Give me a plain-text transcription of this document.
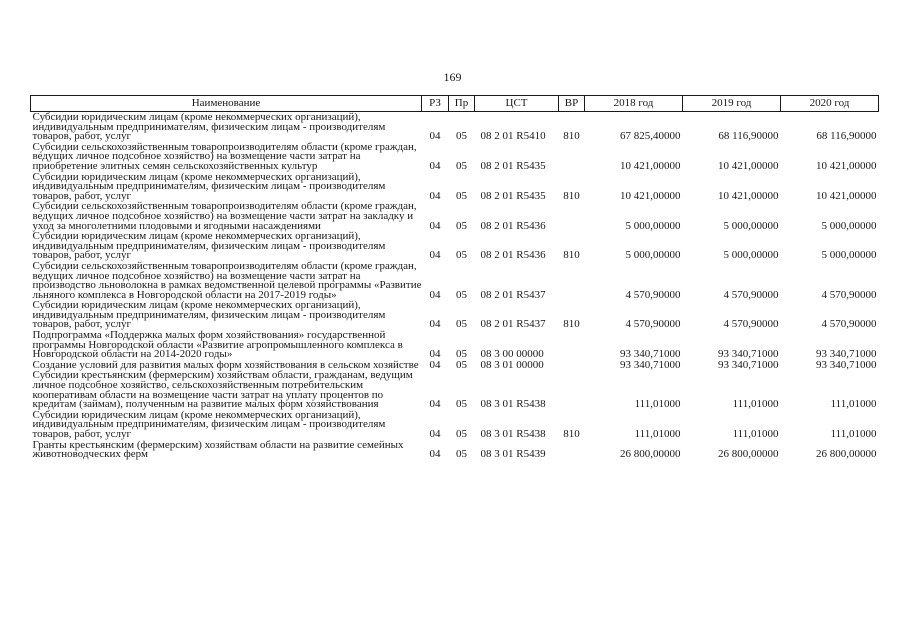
169
Наименование	РЗ	Пр	ЦСТ	ВР	2018 год	2019 год	2020 год
Субсидии юридическим лицам (кроме некоммерческих организаций), индивидуальным предпринимателям, физическим лицам - производителям товаров, работ, услуг	04	05	08 2 01 R5410	810	67 825,40000	68 116,90000	68 116,90000
Субсидии сельскохозяйственным товаропроизводителям области (кроме граждан, ведущих личное подсобное хозяйство) на возмещение части затрат на приобретение элитных семян сельскохозяйственных культур	04	05	08 2 01 R5435		10 421,00000	10 421,00000	10 421,00000
Субсидии юридическим лицам (кроме некоммерческих организаций), индивидуальным предпринимателям, физическим лицам - производителям товаров, работ, услуг	04	05	08 2 01 R5435	810	10 421,00000	10 421,00000	10 421,00000
Субсидии сельскохозяйственным товаропроизводителям области (кроме граждан, ведущих личное подсобное хозяйство) на возмещение части затрат на закладку и уход за многолетними плодовыми и ягодными насаждениями	04	05	08 2 01 R5436		5 000,00000	5 000,00000	5 000,00000
Субсидии юридическим лицам (кроме некоммерческих организаций), индивидуальным предпринимателям, физическим лицам - производителям товаров, работ, услуг	04	05	08 2 01 R5436	810	5 000,00000	5 000,00000	5 000,00000
Субсидии сельскохозяйственным товаропроизводителям области (кроме граждан, ведущих личное подсобное хозяйство) на возмещение части затрат на производство льноволокна в рамках ведомственной целевой программы «Развитие льняного комплекса в Новгородской области на 2017-2019 годы»	04	05	08 2 01 R5437		4 570,90000	4 570,90000	4 570,90000
Субсидии юридическим лицам (кроме некоммерческих организаций), индивидуальным предпринимателям, физическим лицам - производителям товаров, работ, услуг	04	05	08 2 01 R5437	810	4 570,90000	4 570,90000	4 570,90000
Подпрограмма «Поддержка малых форм хозяйствования» государственной программы Новгородской области «Развитие агропромышленного комплекса в Новгородской области на 2014-2020 годы»	04	05	08 3 00 00000		93 340,71000	93 340,71000	93 340,71000
Создание условий для развития малых форм хозяйствования в сельском хозяйстве	04	05	08 3 01 00000		93 340,71000	93 340,71000	93 340,71000
Субсидии крестьянским (фермерским) хозяйствам области, гражданам, ведущим личное подсобное хозяйство, сельскохозяйственным потребительским кооперативам области на возмещение части затрат на уплату процентов по кредитам (займам), полученным на развитие малых форм хозяйствования	04	05	08 3 01 R5438		111,01000	111,01000	111,01000
Субсидии юридическим лицам (кроме некоммерческих организаций), индивидуальным предпринимателям, физическим лицам - производителям товаров, работ, услуг	04	05	08 3 01 R5438	810	111,01000	111,01000	111,01000
Гранты крестьянским (фермерским) хозяйствам области на развитие семейных животноводческих ферм	04	05	08 3 01 R5439		26 800,00000	26 800,00000	26 800,00000
